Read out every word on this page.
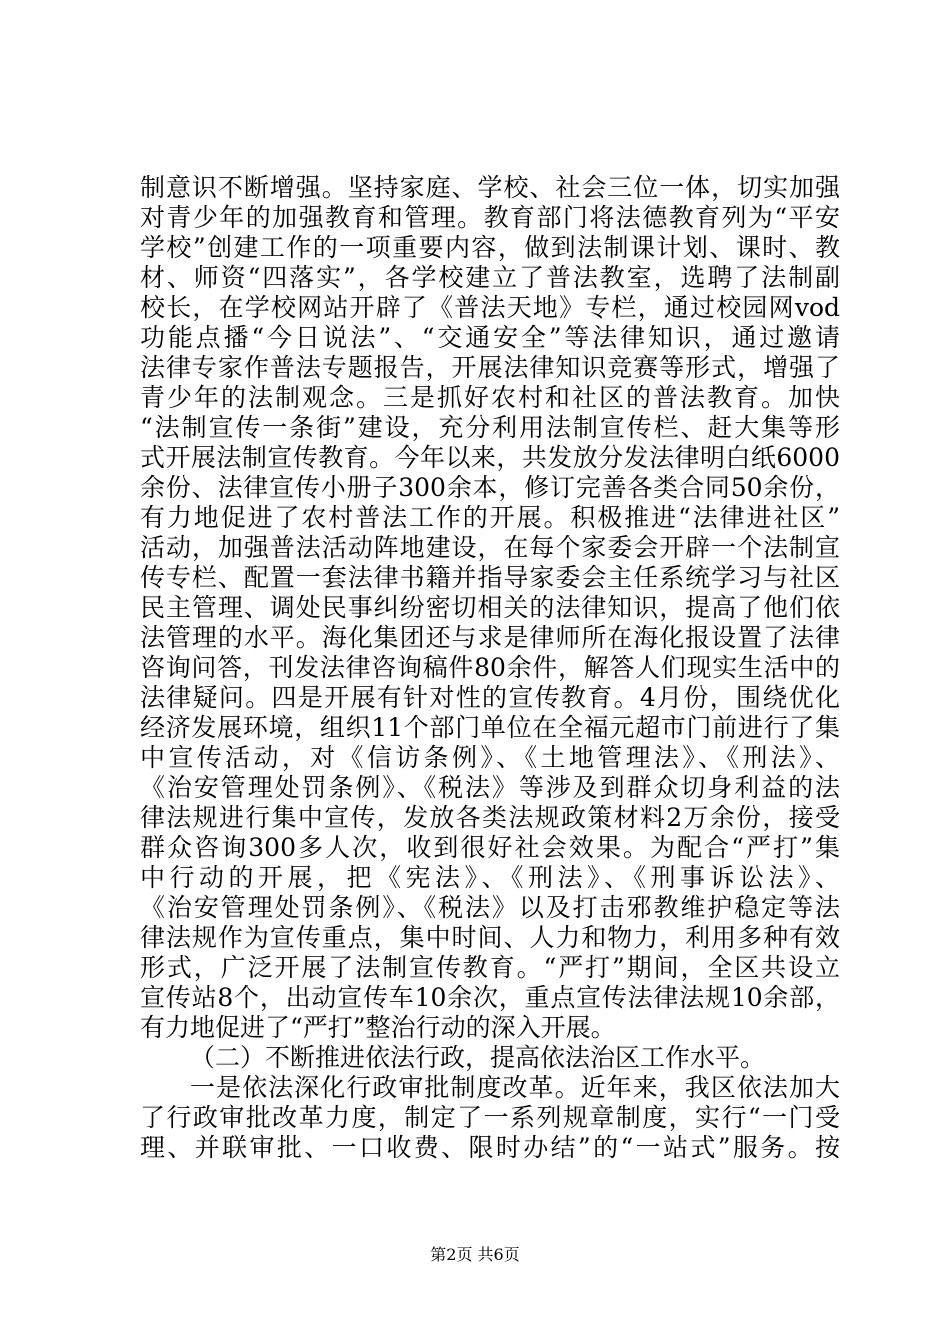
制意识不断增强。坚持家庭、学校、社会三位一体，切实加强
对青少年的加强教育和管理。教育部门将法德教育列为“平安
学校”创建工作的一项重要内容，做到法制课计划、课时、教
材、师资“四落实”，各学校建立了普法教室，选聘了法制副
校长，在学校网站开辟了《普法天地》专栏，通过校园网vod
功能点播“今日说法”、“交通安全”等法律知识，通过邀请
法律专家作普法专题报告，开展法律知识竞赛等形式，增强了
青少年的法制观念。三是抓好农村和社区的普法教育。加快
“法制宣传一条街”建设，充分利用法制宣传栏、赶大集等形
式开展法制宣传教育。今年以来，共发放分发法律明白纸6000
余份、法律宣传小册子300余本，修订完善各类合同50余份，
有力地促进了农村普法工作的开展。积极推进“法律进社区”
活动，加强普法活动阵地建设，在每个家委会开辟一个法制宣
传专栏、配置一套法律书籍并指导家委会主任系统学习与社区
民主管理、调处民事纠纷密切相关的法律知识，提高了他们依
法管理的水平。海化集团还与求是律师所在海化报设置了法律
咨询问答，刊发法律咨询稿件80余件，解答人们现实生活中的
法律疑问。四是开展有针对性的宣传教育。4月份，围绕优化
经济发展环境，组织11个部门单位在全福元超市门前进行了集
中宣传活动，对《信访条例》、《土地管理法》、《刑法》、
《治安管理处罚条例》、《税法》等涉及到群众切身利益的法
律法规进行集中宣传，发放各类法规政策材料2万余份，接受
群众咨询300多人次，收到很好社会效果。为配合“严打”集
中行动的开展，把《宪法》、《刑法》、《刑事诉讼法》、
《治安管理处罚条例》、《税法》以及打击邪教维护稳定等法
律法规作为宣传重点，集中时间、人力和物力，利用多种有效
形式，广泛开展了法制宣传教育。“严打”期间，全区共设立
宣传站8个，出动宣传车10余次，重点宣传法律法规10余部，
有力地促进了“严打”整治行动的深入开展。
（二）不断推进依法行政，提高依法治区工作水平。
一是依法深化行政审批制度改革。近年来，我区依法加大
了行政审批改革力度，制定了一系列规章制度，实行“一门受
理、并联审批、一口收费、限时办结”的“一站式”服务。按
第2页 共6页
